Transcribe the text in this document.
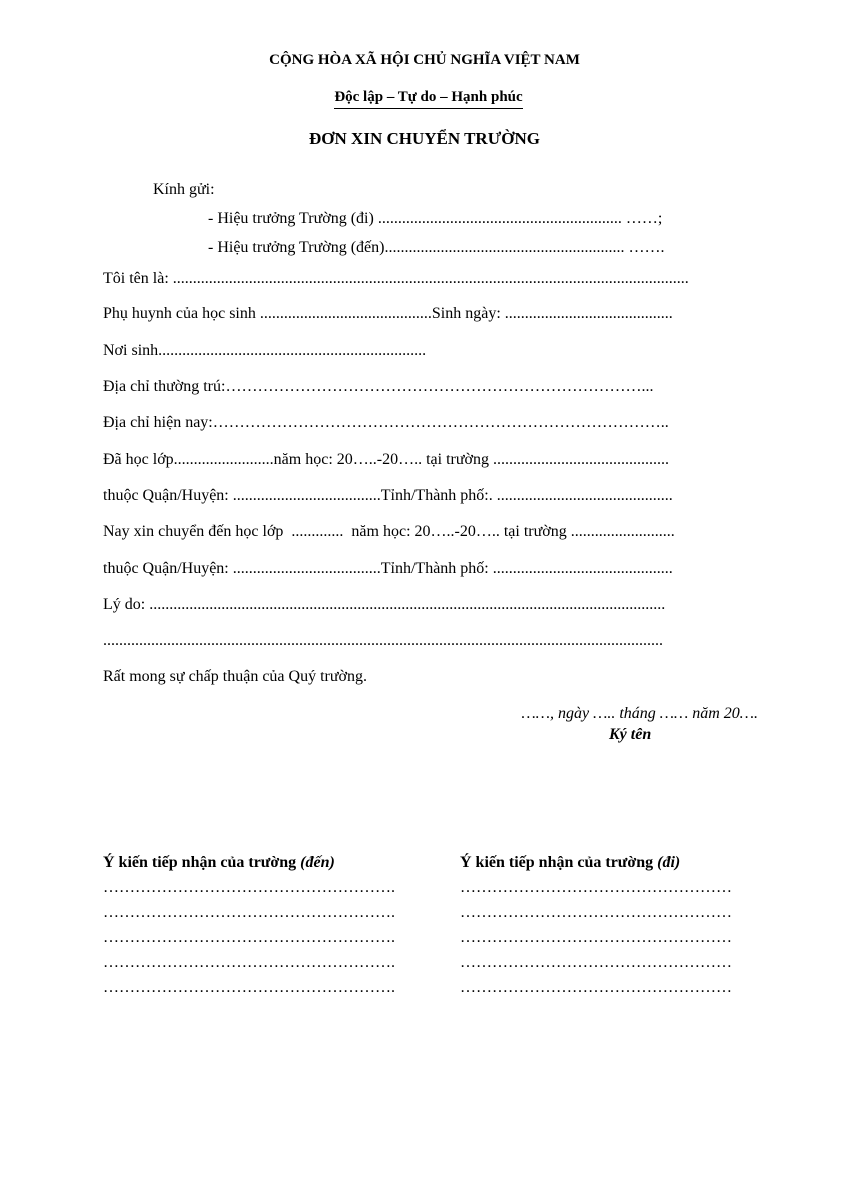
CỘNG HÒA XÃ HỘI CHỦ NGHĨA VIỆT NAM

Độc lập – Tự do – Hạnh phúc

ĐƠN XIN CHUYỂN TRƯỜNG
Kính gửi:
- Hiệu trưởng Trường (đi) ............................................................. ……;
- Hiệu trưởng Trường (đến)............................................................ …….
Tôi tên là: .................................................................................................................................
Phụ huynh của học sinh ...........................................Sinh ngày: ..........................................
Nơi sinh...................................................................
Địa chỉ thường trú:……………………………………………………………………...
Địa chỉ hiện nay:…………………………………………………………………………..
Đã học lớp.........................năm học: 20…..-20….. tại trường ............................................
thuộc Quận/Huyện: .....................................Tỉnh/Thành phố:. ............................................
Nay xin chuyển đến học lớp  .............  năm học: 20…..-20….. tại trường ..........................
thuộc Quận/Huyện: .....................................Tỉnh/Thành phố: .............................................
Lý do: .................................................................................................................................
............................................................................................................................................
Rất mong sự chấp thuận của Quý trường.
……, ngày ….. tháng …… năm 20….
Ký tên
Ý kiến tiếp nhận của trường (đến)	Ý kiến tiếp nhận của trường (đi)
……………………………………………….
……………………………………………….
……………………………………………….
……………………………………………….
……………………………………………….
……………………………………………
……………………………………………
……………………………………………
……………………………………………
……………………………………………
